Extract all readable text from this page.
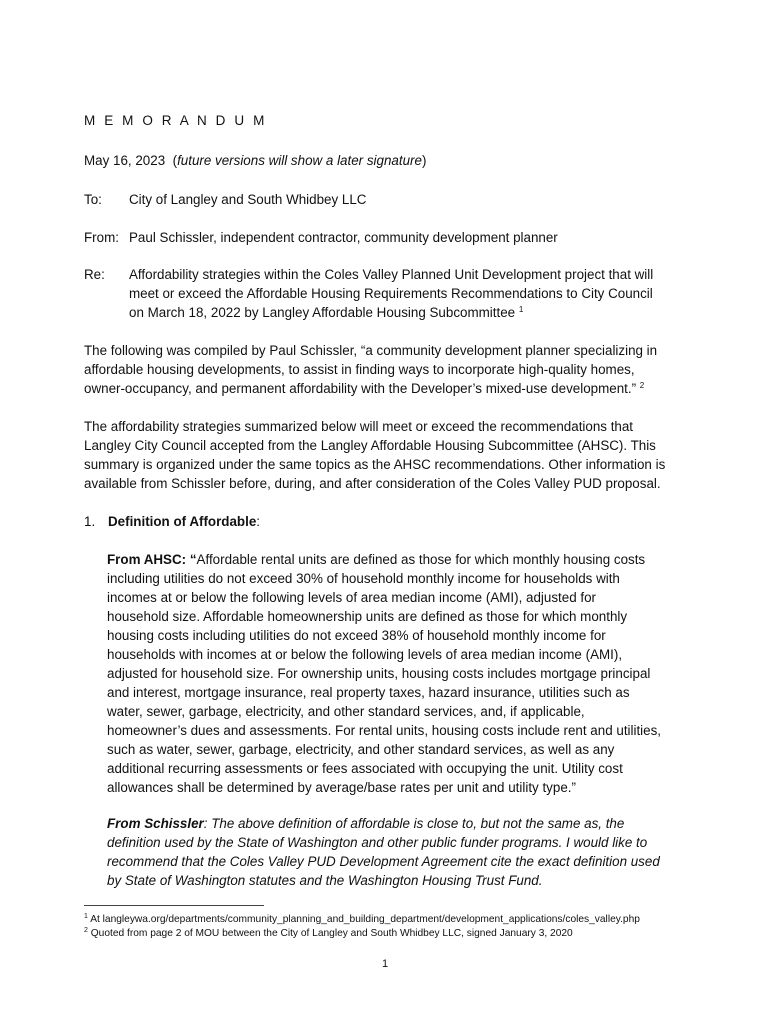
M E M O R A N D U M
May 16, 2023  (future versions will show a later signature)
To: City of Langley and South Whidbey LLC
From: Paul Schissler, independent contractor, community development planner
Re: Affordability strategies within the Coles Valley Planned Unit Development project that will
meet or exceed the Affordable Housing Requirements Recommendations to City Council
on March 18, 2022 by Langley Affordable Housing Subcommittee $^1$
The following was compiled by Paul Schissler, “a community development planner specializing in
affordable housing developments, to assist in finding ways to incorporate high-quality homes,
owner-occupancy, and permanent affordability with the Developer’s mixed-use development.” $^2$
The affordability strategies summarized below will meet or exceed the recommendations that
Langley City Council accepted from the Langley Affordable Housing Subcommittee (AHSC). This
summary is organized under the same topics as the AHSC recommendations. Other information is
available from Schissler before, during, and after consideration of the Coles Valley PUD proposal.
1. Definition of Affordable:
From AHSC: “Affordable rental units are defined as those for which monthly housing costs
including utilities do not exceed 30% of household monthly income for households with
incomes at or below the following levels of area median income (AMI), adjusted for
household size. Affordable homeownership units are defined as those for which monthly
housing costs including utilities do not exceed 38% of household monthly income for
households with incomes at or below the following levels of area median income (AMI),
adjusted for household size. For ownership units, housing costs includes mortgage principal
and interest, mortgage insurance, real property taxes, hazard insurance, utilities such as
water, sewer, garbage, electricity, and other standard services, and, if applicable,
homeowner’s dues and assessments. For rental units, housing costs include rent and utilities,
such as water, sewer, garbage, electricity, and other standard services, as well as any
additional recurring assessments or fees associated with occupying the unit. Utility cost
allowances shall be determined by average/base rates per unit and utility type.”
From Schissler: The above definition of affordable is close to, but not the same as, the
definition used by the State of Washington and other public funder programs. I would like to
recommend that the Coles Valley PUD Development Agreement cite the exact definition used
by State of Washington statutes and the Washington Housing Trust Fund.
$^1$ At langleywa.org/departments/community_planning_and_building_department/development_applications/coles_valley.php
$^2$ Quoted from page 2 of MOU between the City of Langley and South Whidbey LLC, signed January 3, 2020
1
